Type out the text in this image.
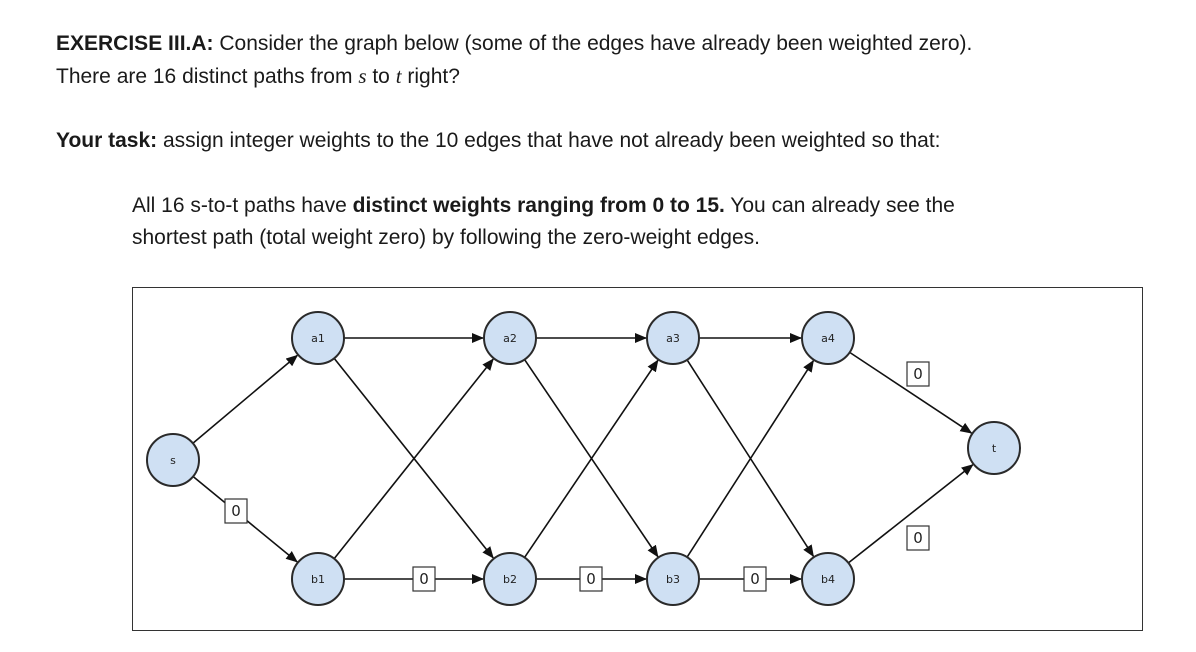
EXERCISE III.A: Consider the graph below (some of the edges have already been weighted zero).
There are 16 distinct paths from s to t right?
Your task: assign integer weights to the 10 edges that have not already been weighted so that:
All 16 s-to-t paths have distinct weights ranging from 0 to 15. You can already see the
shortest path (total weight zero) by following the zero-weight edges.
0
0	0	0
0
0
s
a1	a2	a3	a4
b1	b2	b3	b4
t
